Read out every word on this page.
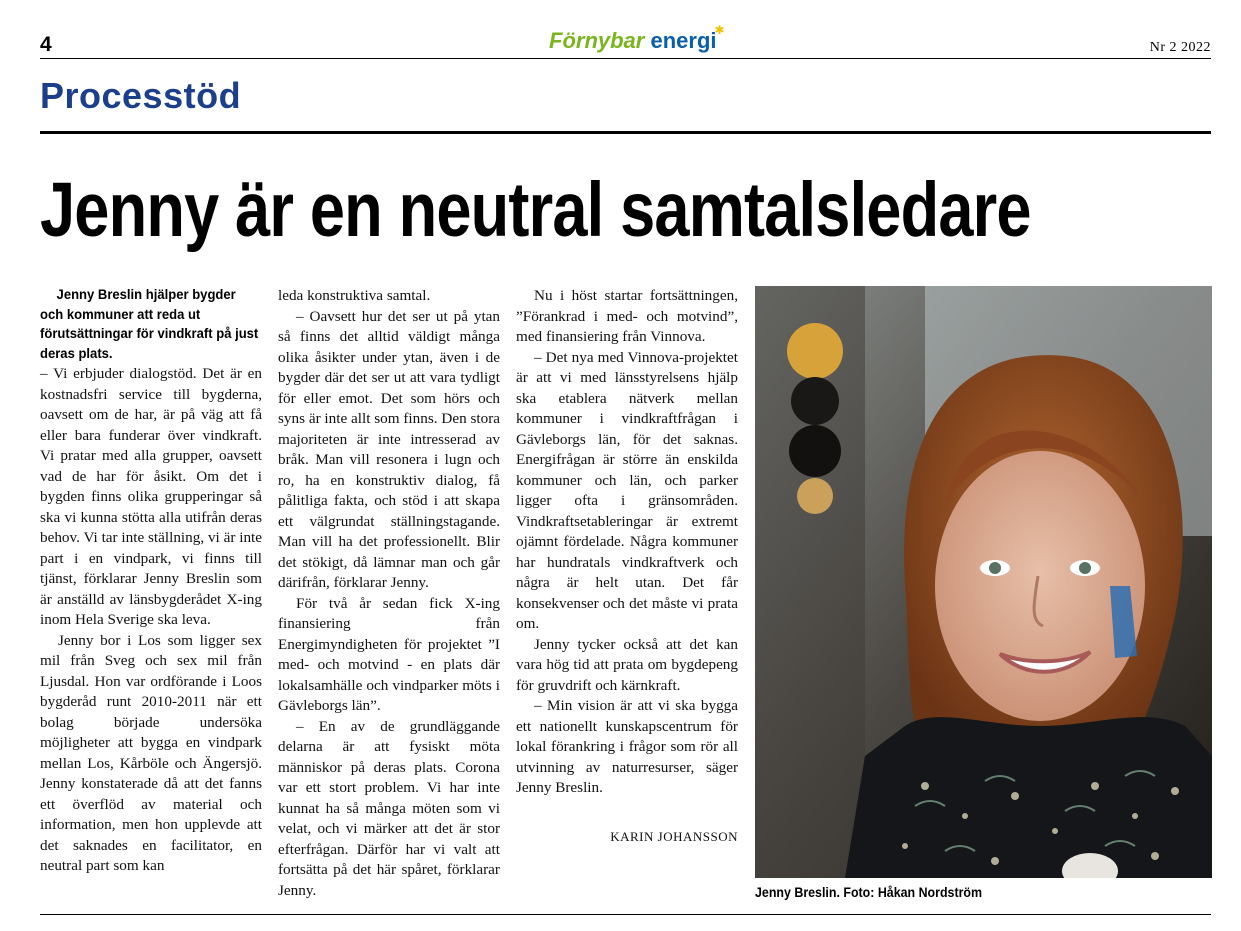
4	Förnybar energi
✱
Nr 2 2022
Processtöd
Jenny är en neutral samtalsledare

Jenny Breslin hjälper bygder och kommuner att reda ut förutsättningar för vindkraft på just deras plats.

– Vi erbjuder dialogstöd. Det är en kostnadsfri service till bygderna, oavsett om de har, är på väg att få eller bara funderar över vindkraft. Vi pratar med alla grupper, oavsett vad de har för åsikt. Om det i bygden finns olika grupperingar så ska vi kunna stötta alla utifrån deras behov. Vi tar inte ställning, vi är inte part i en vindpark, vi finns till tjänst, förklarar Jenny Breslin som är anställd av länsbygderådet X-ing inom Hela Sverige ska leva.

Jenny bor i Los som ligger sex mil från Sveg och sex mil från Ljusdal. Hon var ordförande i Loos bygderåd runt 2010-2011 när ett bolag började undersöka möjligheter att bygga en vindpark mellan Los, Kårböle och Ängersjö. Jenny konstaterade då att det fanns ett överflöd av material och information, men hon upplevde att det saknades en facilitator, en neutral part som kan

leda konstruktiva samtal.

– Oavsett hur det ser ut på ytan så finns det alltid väldigt många olika åsikter under ytan, även i de bygder där det ser ut att vara tydligt för eller emot. Det som hörs och syns är inte allt som finns. Den stora majoriteten är inte intresserad av bråk. Man vill resonera i lugn och ro, ha en konstruktiv dialog, få pålitliga fakta, och stöd i att skapa ett välgrundat ställningstagande. Man vill ha det professionellt. Blir det stökigt, då lämnar man och går därifrån, förklarar Jenny.

För två år sedan fick X-ing finansiering från Energimyndigheten för projektet ”I med- och motvind - en plats där lokalsamhälle och vindparker möts i Gävleborgs län”.

– En av de grundläggande delarna är att fysiskt möta människor på deras plats. Corona var ett stort problem. Vi har inte kunnat ha så många möten som vi velat, och vi märker att det är stor efterfrågan. Därför har vi valt att fortsätta på det här spåret, förklarar Jenny.

Nu i höst startar fortsättningen, ”Förankrad i med- och motvind”, med finansiering från Vinnova.

– Det nya med Vinnova-projektet är att vi med länsstyrelsens hjälp ska etablera nätverk mellan kommuner i vindkraftfrågan i Gävleborgs län, för det saknas. Energifrågan är större än enskilda kommuner och län, och parker ligger ofta i gränsområden. Vindkraftsetableringar är extremt ojämnt fördelade. Några kommuner har hundratals vindkraftverk och några är helt utan. Det får konsekvenser och det måste vi prata om.

Jenny tycker också att det kan vara hög tid att prata om bygdepeng för gruvdrift och kärnkraft.

– Min vision är att vi ska bygga ett nationellt kunskapscentrum för lokal förankring i frågor som rör all utvinning av naturresurser, säger Jenny Breslin.

KARIN JOHANSSON
Jenny Breslin. Foto: Håkan Nordström
